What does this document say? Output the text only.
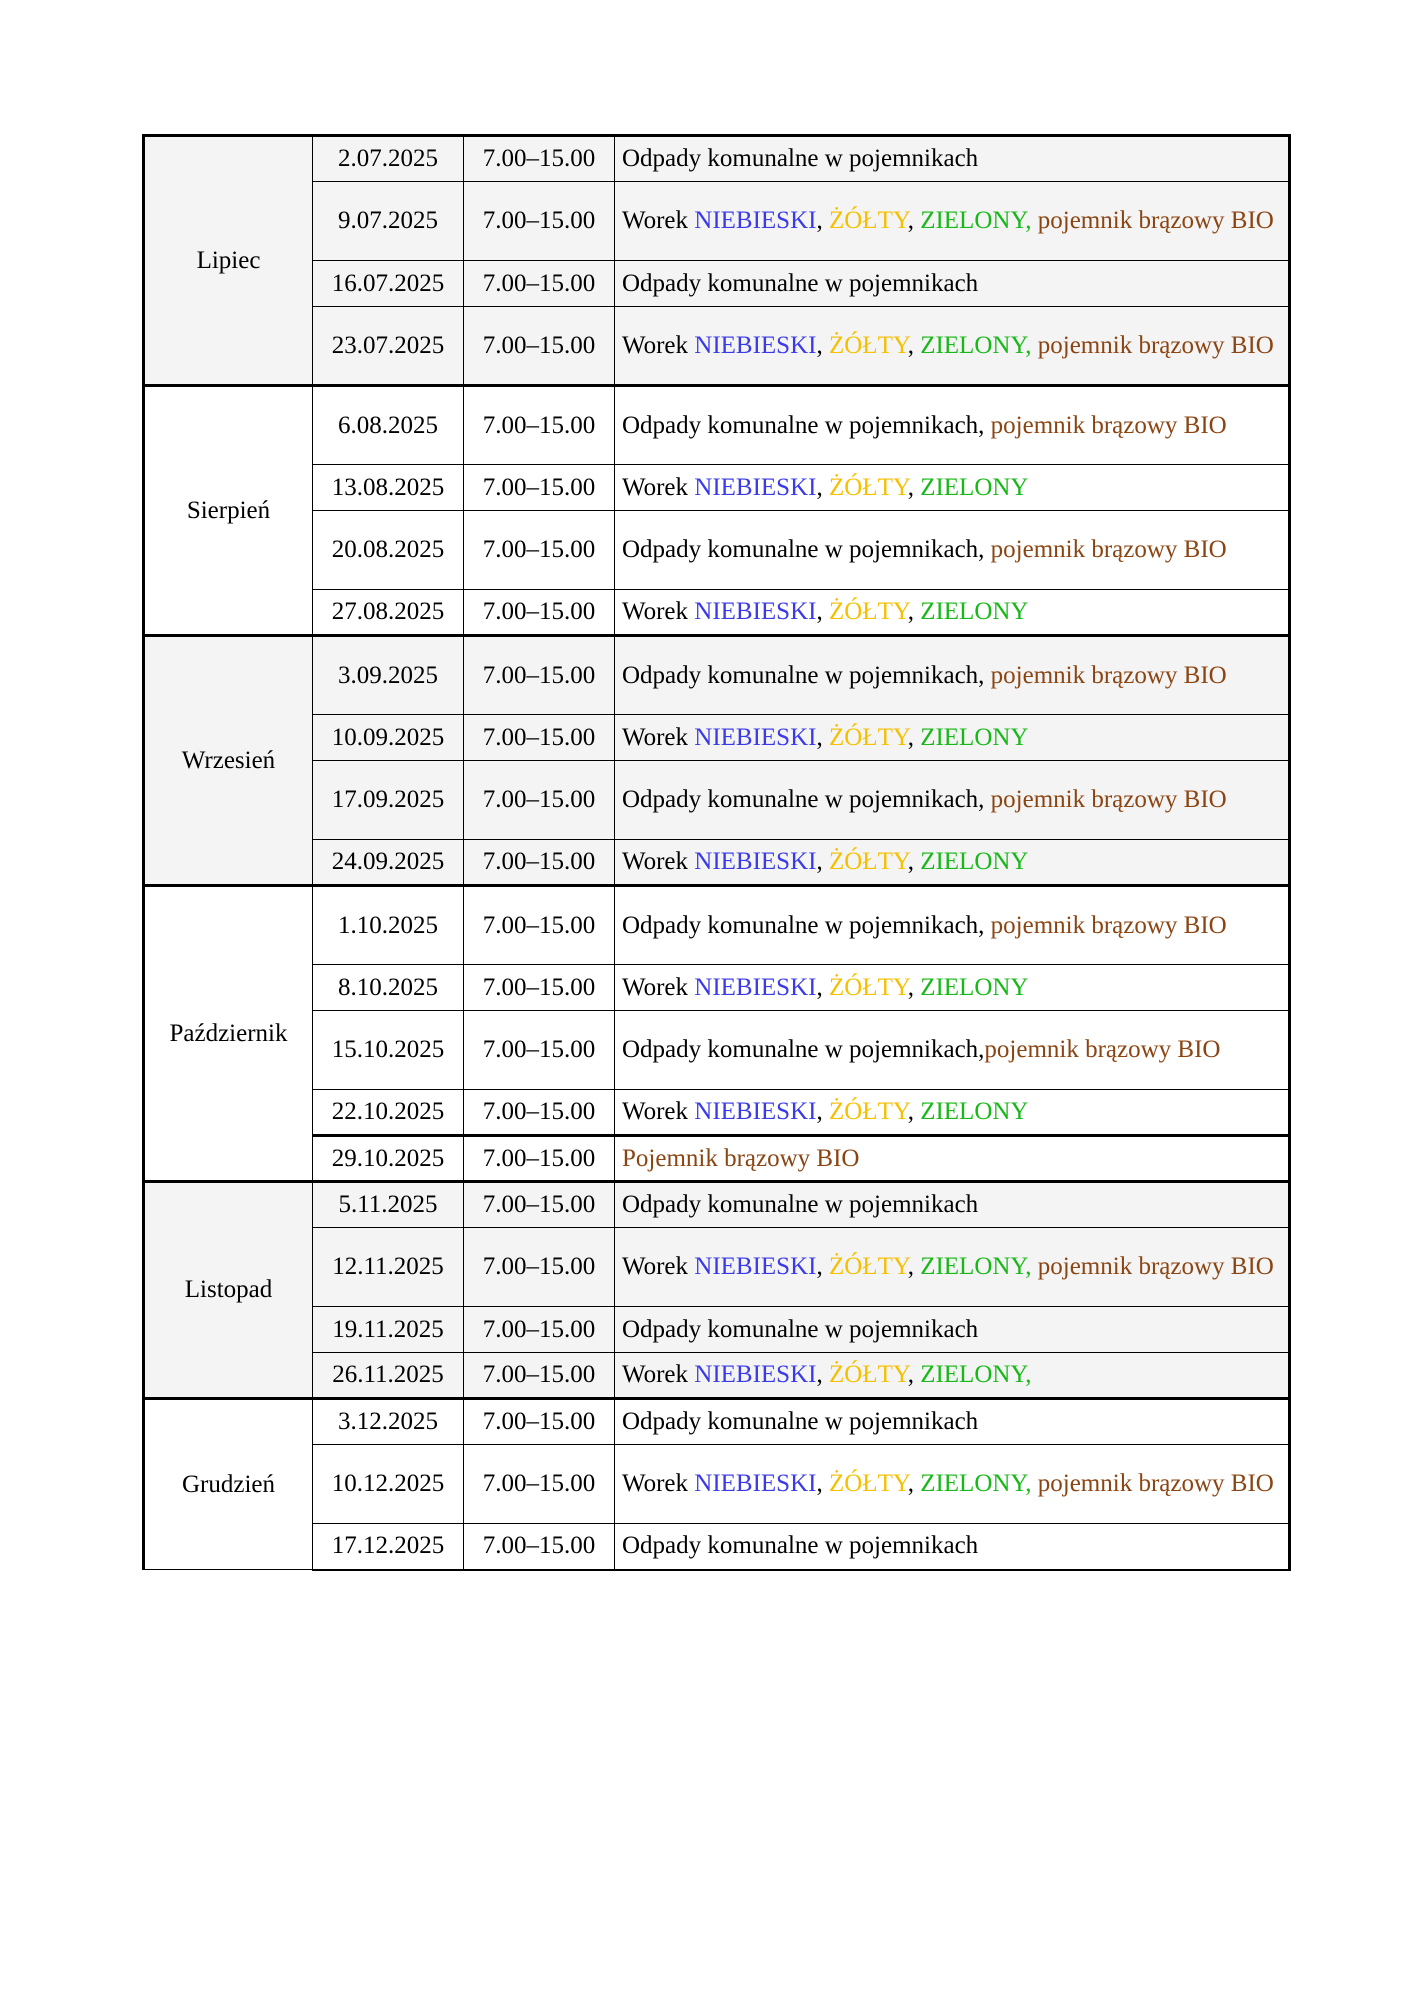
Lipiec	2.07.2025	7.00–15.00	Odpady komunalne w pojemnikach
	9.07.2025	7.00–15.00	Worek NIEBIESKI, ŻÓŁTY, ZIELONY, pojemnik brązowy BIO
	16.07.2025	7.00–15.00	Odpady komunalne w pojemnikach
	23.07.2025	7.00–15.00	Worek NIEBIESKI, ŻÓŁTY, ZIELONY, pojemnik brązowy BIO
Sierpień	6.08.2025	7.00–15.00	Odpady komunalne w pojemnikach, pojemnik brązowy BIO
	13.08.2025	7.00–15.00	Worek NIEBIESKI, ŻÓŁTY, ZIELONY
	20.08.2025	7.00–15.00	Odpady komunalne w pojemnikach, pojemnik brązowy BIO
	27.08.2025	7.00–15.00	Worek NIEBIESKI, ŻÓŁTY, ZIELONY
Wrzesień	3.09.2025	7.00–15.00	Odpady komunalne w pojemnikach, pojemnik brązowy BIO
	10.09.2025	7.00–15.00	Worek NIEBIESKI, ŻÓŁTY, ZIELONY
	17.09.2025	7.00–15.00	Odpady komunalne w pojemnikach, pojemnik brązowy BIO
	24.09.2025	7.00–15.00	Worek NIEBIESKI, ŻÓŁTY, ZIELONY
Październik	1.10.2025	7.00–15.00	Odpady komunalne w pojemnikach, pojemnik brązowy BIO
	8.10.2025	7.00–15.00	Worek NIEBIESKI, ŻÓŁTY, ZIELONY
	15.10.2025	7.00–15.00	Odpady komunalne w pojemnikach,pojemnik brązowy BIO
	22.10.2025	7.00–15.00	Worek NIEBIESKI, ŻÓŁTY, ZIELONY
	29.10.2025	7.00–15.00	Pojemnik brązowy BIO
Listopad	5.11.2025	7.00–15.00	Odpady komunalne w pojemnikach
	12.11.2025	7.00–15.00	Worek NIEBIESKI, ŻÓŁTY, ZIELONY, pojemnik brązowy BIO
	19.11.2025	7.00–15.00	Odpady komunalne w pojemnikach
	26.11.2025	7.00–15.00	Worek NIEBIESKI, ŻÓŁTY, ZIELONY,
Grudzień	3.12.2025	7.00–15.00	Odpady komunalne w pojemnikach
	10.12.2025	7.00–15.00	Worek NIEBIESKI, ŻÓŁTY, ZIELONY, pojemnik brązowy BIO
	17.12.2025	7.00–15.00	Odpady komunalne w pojemnikach
